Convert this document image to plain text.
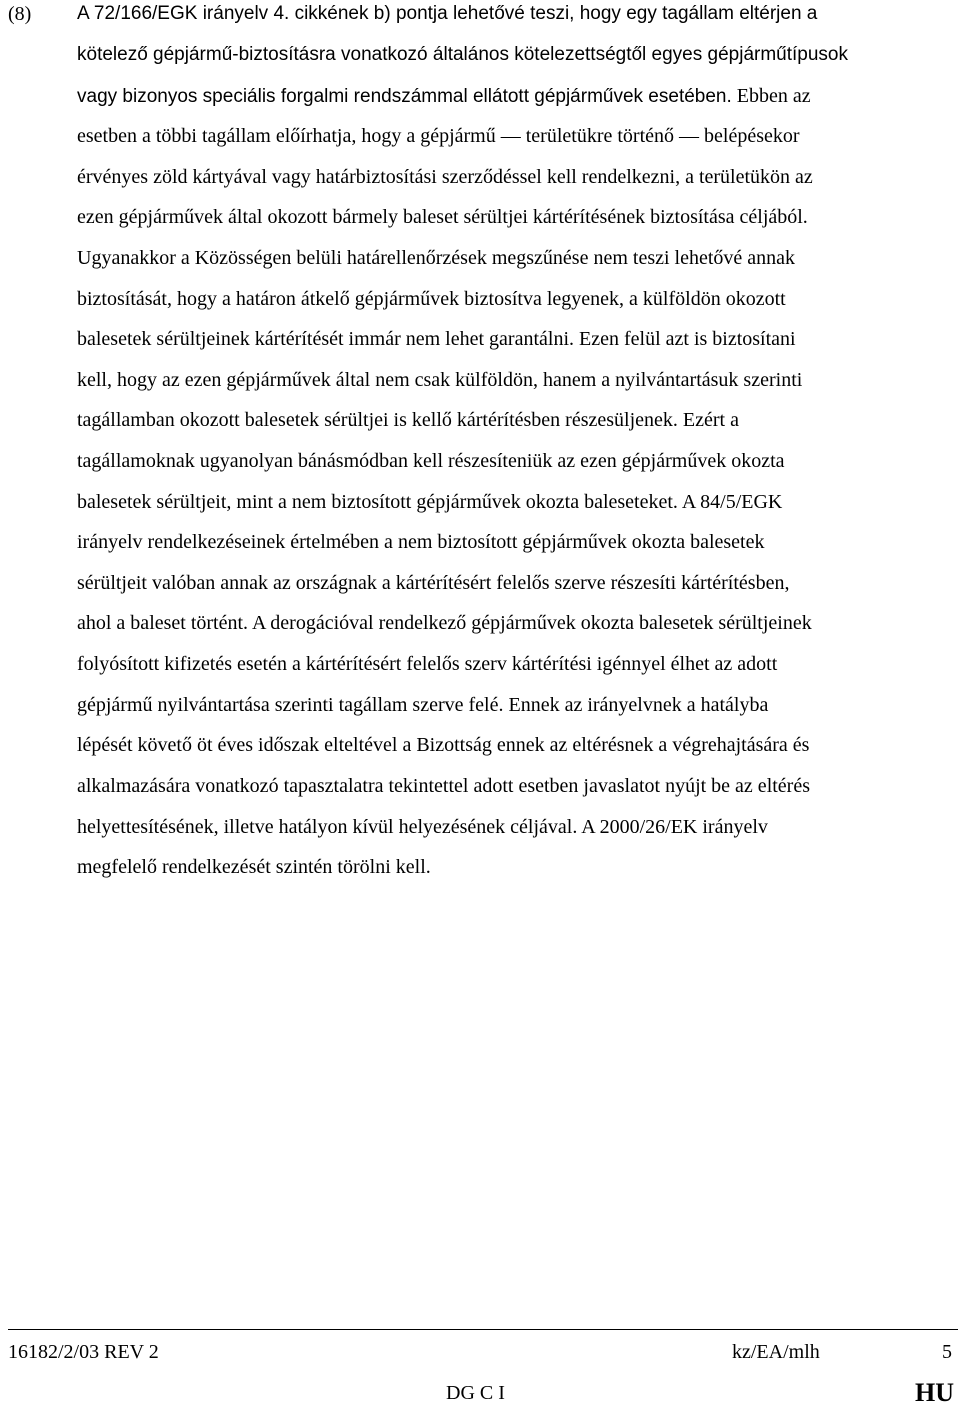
(8) A 72/166/EGK irányelv 4. cikkének b) pontja lehetővé teszi, hogy egy tagállam eltérjen a
kötelező gépjármű-biztosításra vonatkozó általános kötelezettségtől egyes gépjárműtípusok
vagy bizonyos speciális forgalmi rendszámmal ellátott gépjárművek esetében. Ebben az
esetben a többi tagállam előírhatja, hogy a gépjármű — területükre történő — belépésekor
érvényes zöld kártyával vagy határbiztosítási szerződéssel kell rendelkezni, a területükön az
ezen gépjárművek által okozott bármely baleset sérültjei kártérítésének biztosítása céljából.
Ugyanakkor a Közösségen belüli határellenőrzések megszűnése nem teszi lehetővé annak
biztosítását, hogy a határon átkelő gépjárművek biztosítva legyenek, a külföldön okozott
balesetek sérültjeinek kártérítését immár nem lehet garantálni. Ezen felül azt is biztosítani
kell, hogy az ezen gépjárművek által nem csak külföldön, hanem a nyilvántartásuk szerinti
tagállamban okozott balesetek sérültjei is kellő kártérítésben részesüljenek. Ezért a
tagállamoknak ugyanolyan bánásmódban kell részesíteniük az ezen gépjárművek okozta
balesetek sérültjeit, mint a nem biztosított gépjárművek okozta baleseteket. A 84/5/EGK
irányelv rendelkezéseinek értelmében a nem biztosított gépjárművek okozta balesetek
sérültjeit valóban annak az országnak a kártérítésért felelős szerve részesíti kártérítésben,
ahol a baleset történt. A derogációval rendelkező gépjárművek okozta balesetek sérültjeinek
folyósított kifizetés esetén a kártérítésért felelős szerv kártérítési igénnyel élhet az adott
gépjármű nyilvántartása szerinti tagállam szerve felé. Ennek az irányelvnek a hatályba
lépését követő öt éves időszak elteltével a Bizottság ennek az eltérésnek a végrehajtására és
alkalmazására vonatkozó tapasztalatra tekintettel adott esetben javaslatot nyújt be az eltérés
helyettesítésének, illetve hatályon kívül helyezésének céljával. A 2000/26/EK irányelv
megfelelő rendelkezését szintén törölni kell.
16182/2/03 REV 2	kz/EA/mlh	5
DG C I	HU
